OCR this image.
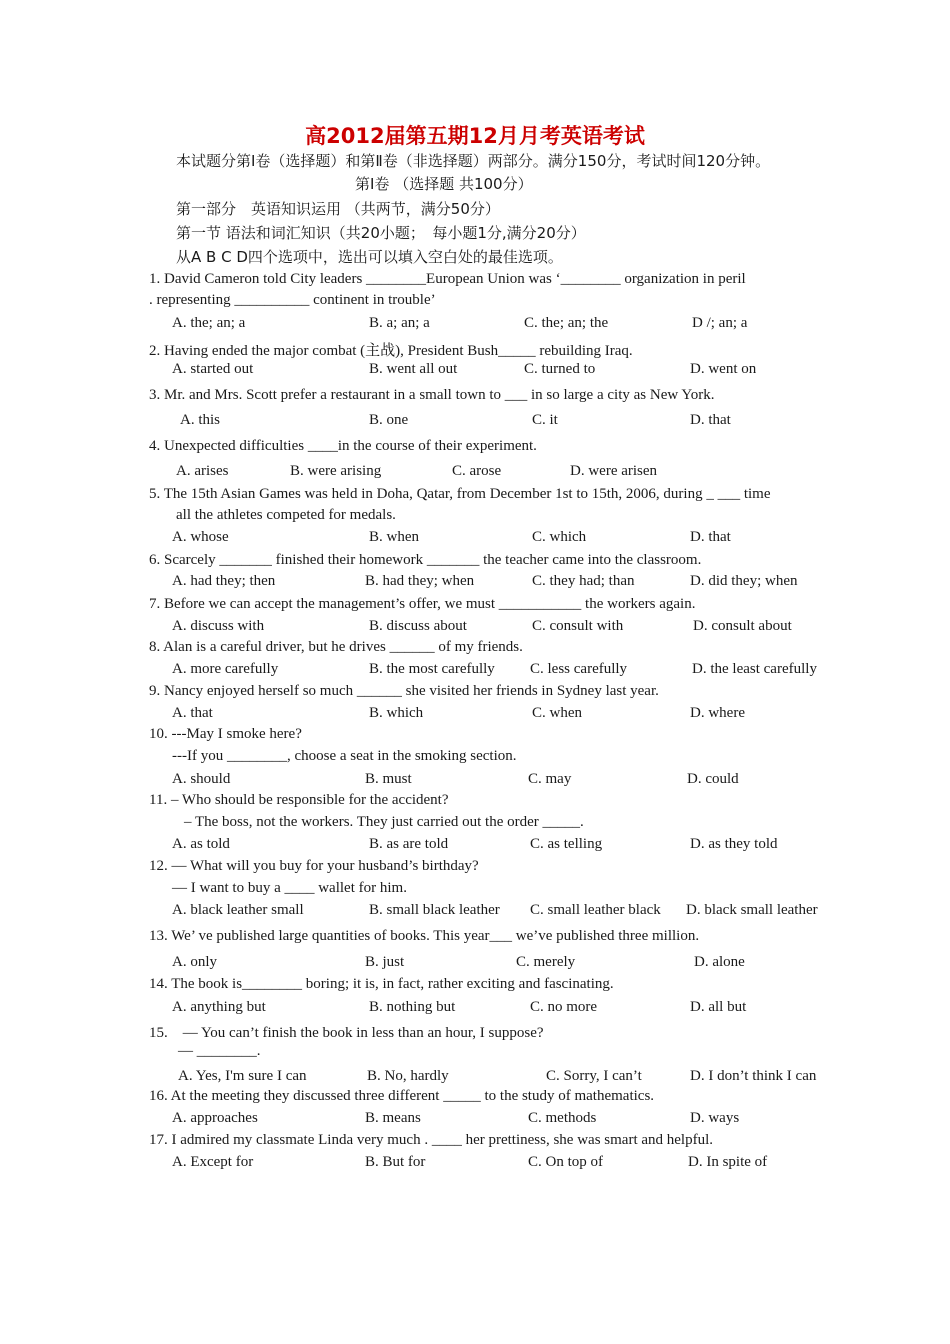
高2012届第五期12月月考英语考试
本试题分第Ⅰ卷（选择题）和第Ⅱ卷（非选择题）两部分。满分150分，考试时间120分钟。
第Ⅰ卷 （选择题 共100分）
第一部分　英语知识运用 （共两节，满分50分）
第一节 语法和词汇知识（共20小题；　每小题1分,满分20分）
从A B C D四个选项中，选出可以填入空白处的最佳选项。
1. David Cameron told City leaders ________European Union was ‘________ organization in peril
. representing __________ continent in trouble’
A. the; an; a	B. a; an; a	C. the; an; the	D /; an; a
2. Having ended the major combat (主战), President Bush_____ rebuilding Iraq.
A. started out	B. went all out	C. turned to	D. went on
3. Mr. and Mrs. Scott prefer a restaurant in a small town to ___ in so large a city as New York.
A. this	B. one	C. it	D. that
4. Unexpected difficulties ____in the course of their experiment.
A. arises	B. were arising	C. arose	D. were arisen
5. The 15th Asian Games was held in Doha, Qatar, from December 1st to 15th, 2006, during _ ___ time
all the athletes competed for medals.
A. whose	B. when	C. which	D. that
6. Scarcely _______ finished their homework _______ the teacher came into the classroom.
A. had they; then	B. had they; when	C. they had; than	D. did they; when
7. Before we can accept the management’s offer, we must ___________ the workers again.
A. discuss with	B. discuss about	C. consult with	D. consult about
8. Alan is a careful driver, but he drives ______ of my friends.
A. more carefully	B. the most carefully C. less carefully	D. the least carefully
9. Nancy enjoyed herself so much ______ she visited her friends in Sydney last year.
A. that	B. which	C. when	D. where
10. ---May I smoke here?
---If you ________, choose a seat in the smoking section.
A. should	B. must	C. may	D. could
11. – Who should be responsible for the accident?
– The boss, not the workers. They just carried out the order _____.
A. as told	B. as are told	C. as telling	D. as they told
12. — What will you buy for your husband’s birthday?
— I want to buy a ____ wallet for him.
A. black leather small	B. small black leather C. small leather black D. black small leather
13. We’ ve published large quantities of books. This year___ we’ve published three million.
A. only	B. just	C. merely	D. alone
14. The book is________ boring; it is, in fact, rather exciting and fascinating.
A. anything but	B. nothing but	C. no more	D. all but
15.　— You can’t finish the book in less than an hour, I suppose?
— ________.
A. Yes, I'm sure I can	B. No, hardly	C. Sorry, I can’t	D. I don’t think I can
16. At the meeting they discussed three different _____ to the study of mathematics.
A. approaches	B. means	C. methods	D. ways
17. I admired my classmate Linda very much . ____ her prettiness, she was smart and helpful.
A. Except for	B. But for	C. On top of	D. In spite of
